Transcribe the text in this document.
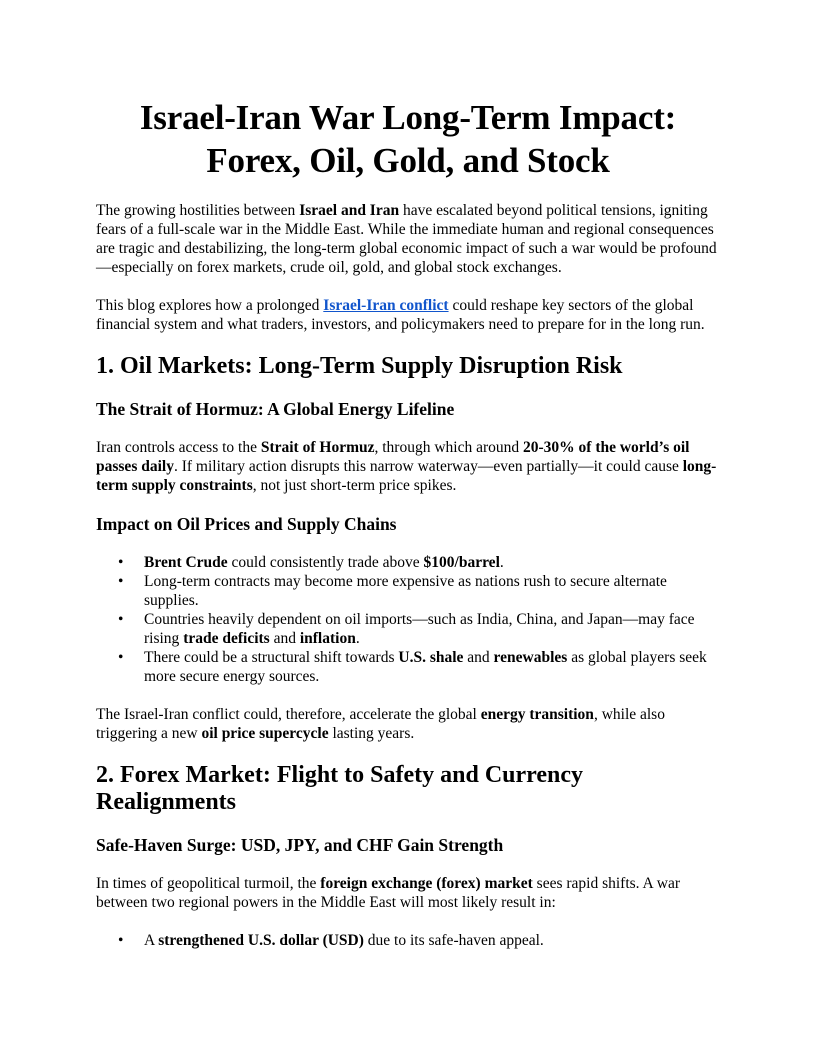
Israel-Iran War Long-Term Impact: Forex, Oil, Gold, and Stock

The growing hostilities between Israel and Iran have escalated beyond political tensions, igniting fears of a full-scale war in the Middle East. While the immediate human and regional consequences are tragic and destabilizing, the long-term global economic impact of such a war would be profound—especially on forex markets, crude oil, gold, and global stock exchanges.

This blog explores how a prolonged Israel-Iran conflict could reshape key sectors of the global financial system and what traders, investors, and policymakers need to prepare for in the long run.

1. Oil Markets: Long-Term Supply Disruption Risk
The Strait of Hormuz: A Global Energy Lifeline

Iran controls access to the Strait of Hormuz, through which around 20-30% of the world’s oil passes daily. If military action disrupts this narrow waterway—even partially—it could cause long-term supply constraints, not just short-term price spikes.

Impact on Oil Prices and Supply Chains
• Brent Crude could consistently trade above $100/barrel.
• Long-term contracts may become more expensive as nations rush to secure alternate supplies.
• Countries heavily dependent on oil imports—such as India, China, and Japan—may face rising trade deficits and inflation.
• There could be a structural shift towards U.S. shale and renewables as global players seek more secure energy sources.

The Israel-Iran conflict could, therefore, accelerate the global energy transition, while also triggering a new oil price supercycle lasting years.

2. Forex Market: Flight to Safety and Currency Realignments
Safe-Haven Surge: USD, JPY, and CHF Gain Strength

In times of geopolitical turmoil, the foreign exchange (forex) market sees rapid shifts. A war between two regional powers in the Middle East will most likely result in:

• A strengthened U.S. dollar (USD) due to its safe-haven appeal.
